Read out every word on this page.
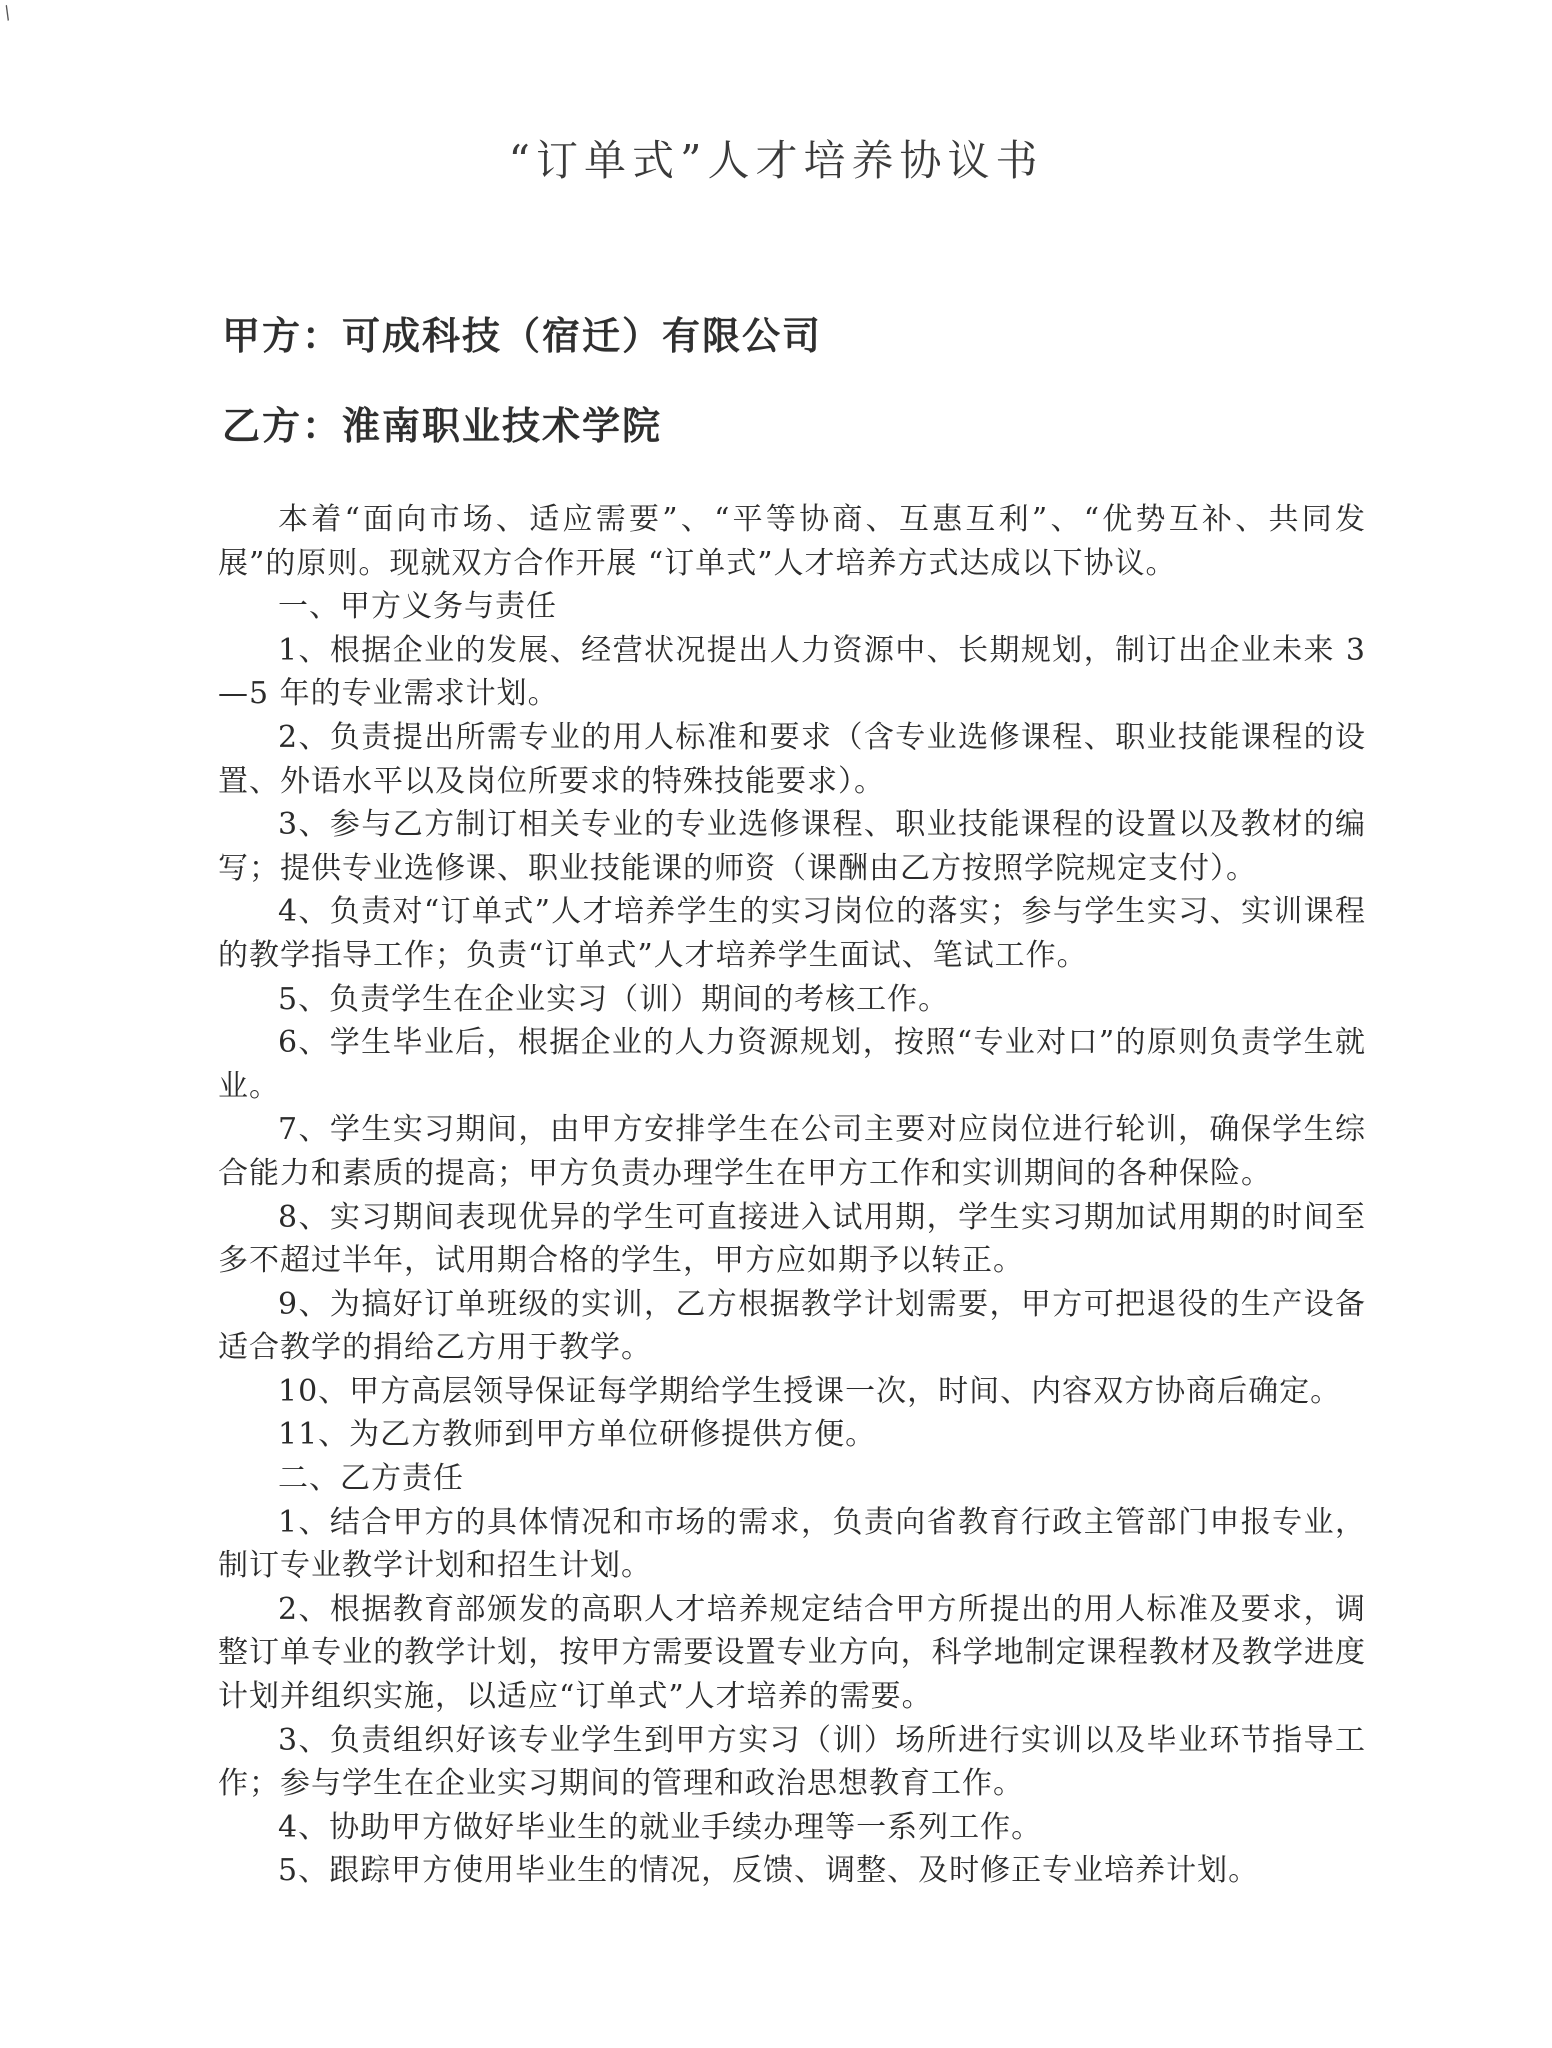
/
“订单式”人才培养协议书
甲方：可成科技（宿迁）有限公司
乙方：淮南职业技术学院

本着“面向市场、适应需要”、“平等协商、互惠互利”、“优势互补、共同发展”的原则。现就双方合作开展 “订单式”人才培养方式达成以下协议。

一、甲方义务与责任

1、根据企业的发展、经营状况提出人力资源中、长期规划，制订出企业未来 3—5 年的专业需求计划。

2、负责提出所需专业的用人标准和要求（含专业选修课程、职业技能课程的设置、外语水平以及岗位所要求的特殊技能要求）。

3、参与乙方制订相关专业的专业选修课程、职业技能课程的设置以及教材的编写；提供专业选修课、职业技能课的师资（课酬由乙方按照学院规定支付）。

4、负责对“订单式”人才培养学生的实习岗位的落实；参与学生实习、实训课程的教学指导工作；负责“订单式”人才培养学生面试、笔试工作。

5、负责学生在企业实习（训）期间的考核工作。

6、学生毕业后，根据企业的人力资源规划，按照“专业对口”的原则负责学生就业。

7、学生实习期间，由甲方安排学生在公司主要对应岗位进行轮训，确保学生综合能力和素质的提高；甲方负责办理学生在甲方工作和实训期间的各种保险。

8、实习期间表现优异的学生可直接进入试用期，学生实习期加试用期的时间至多不超过半年，试用期合格的学生，甲方应如期予以转正。

9、为搞好订单班级的实训，乙方根据教学计划需要，甲方可把退役的生产设备适合教学的捐给乙方用于教学。

10、甲方高层领导保证每学期给学生授课一次，时间、内容双方协商后确定。

11、为乙方教师到甲方单位研修提供方便。

二、乙方责任

1、结合甲方的具体情况和市场的需求，负责向省教育行政主管部门申报专业，制订专业教学计划和招生计划。

2、根据教育部颁发的高职人才培养规定结合甲方所提出的用人标准及要求，调整订单专业的教学计划，按甲方需要设置专业方向，科学地制定课程教材及教学进度计划并组织实施，以适应“订单式”人才培养的需要。

3、负责组织好该专业学生到甲方实习（训）场所进行实训以及毕业环节指导工作；参与学生在企业实习期间的管理和政治思想教育工作。

4、协助甲方做好毕业生的就业手续办理等一系列工作。

5、跟踪甲方使用毕业生的情况，反馈、调整、及时修正专业培养计划。
